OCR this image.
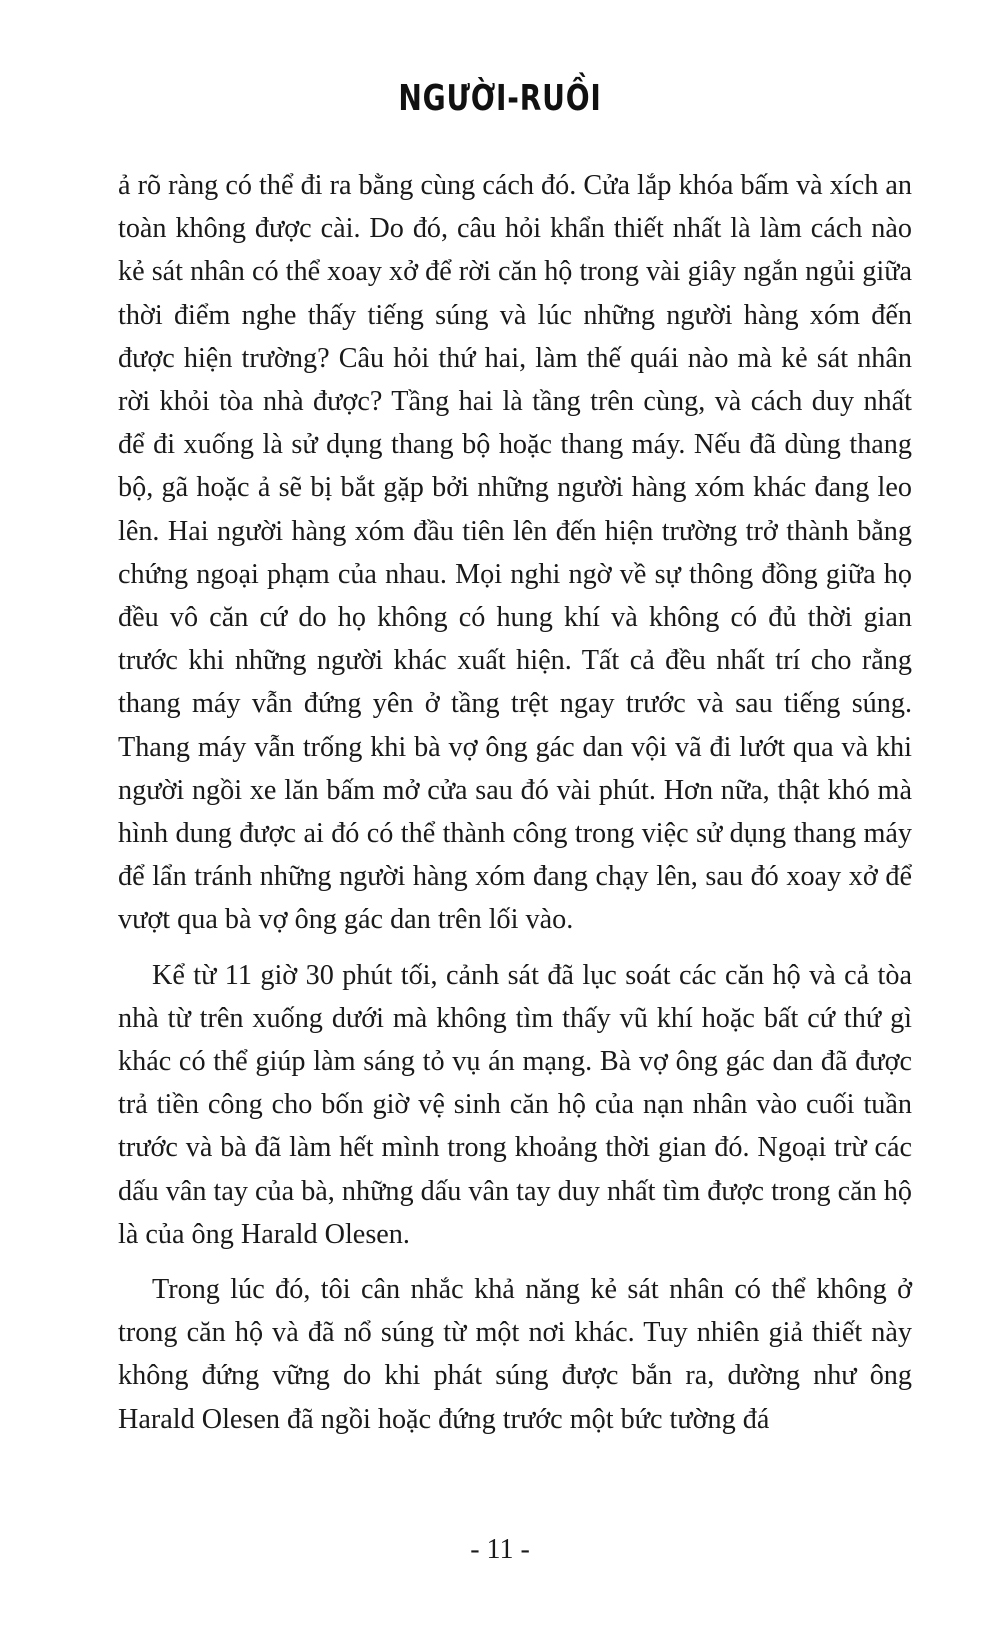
NGƯỜI-RUỒI

ả rõ ràng có thể đi ra bằng cùng cách đó. Cửa lắp khóa bấm và xích an toàn không được cài. Do đó, câu hỏi khẩn thiết nhất là làm cách nào kẻ sát nhân có thể xoay xở để rời căn hộ trong vài giây ngắn ngủi giữa thời điểm nghe thấy tiếng súng và lúc những người hàng xóm đến được hiện trường? Câu hỏi thứ hai, làm thế quái nào mà kẻ sát nhân rời khỏi tòa nhà được? Tầng hai là tầng trên cùng, và cách duy nhất để đi xuống là sử dụng thang bộ hoặc thang máy. Nếu đã dùng thang bộ, gã hoặc ả sẽ bị bắt gặp bởi những người hàng xóm khác đang leo lên. Hai người hàng xóm đầu tiên lên đến hiện trường trở thành bằng chứng ngoại phạm của nhau. Mọi nghi ngờ về sự thông đồng giữa họ đều vô căn cứ do họ không có hung khí và không có đủ thời gian trước khi những người khác xuất hiện. Tất cả đều nhất trí cho rằng thang máy vẫn đứng yên ở tầng trệt ngay trước và sau tiếng súng. Thang máy vẫn trống khi bà vợ ông gác dan vội vã đi lướt qua và khi người ngồi xe lăn bấm mở cửa sau đó vài phút. Hơn nữa, thật khó mà hình dung được ai đó có thể thành công trong việc sử dụng thang máy để lẩn tránh những người hàng xóm đang chạy lên, sau đó xoay xở để vượt qua bà vợ ông gác dan trên lối vào.

Kể từ 11 giờ 30 phút tối, cảnh sát đã lục soát các căn hộ và cả tòa nhà từ trên xuống dưới mà không tìm thấy vũ khí hoặc bất cứ thứ gì khác có thể giúp làm sáng tỏ vụ án mạng. Bà vợ ông gác dan đã được trả tiền công cho bốn giờ vệ sinh căn hộ của nạn nhân vào cuối tuần trước và bà đã làm hết mình trong khoảng thời gian đó. Ngoại trừ các dấu vân tay của bà, những dấu vân tay duy nhất tìm được trong căn hộ là của ông Harald Olesen.

Trong lúc đó, tôi cân nhắc khả năng kẻ sát nhân có thể không ở trong căn hộ và đã nổ súng từ một nơi khác. Tuy nhiên giả thiết này không đứng vững do khi phát súng được bắn ra, dường như ông Harald Olesen đã ngồi hoặc đứng trước một bức tường đá

- 11 -
